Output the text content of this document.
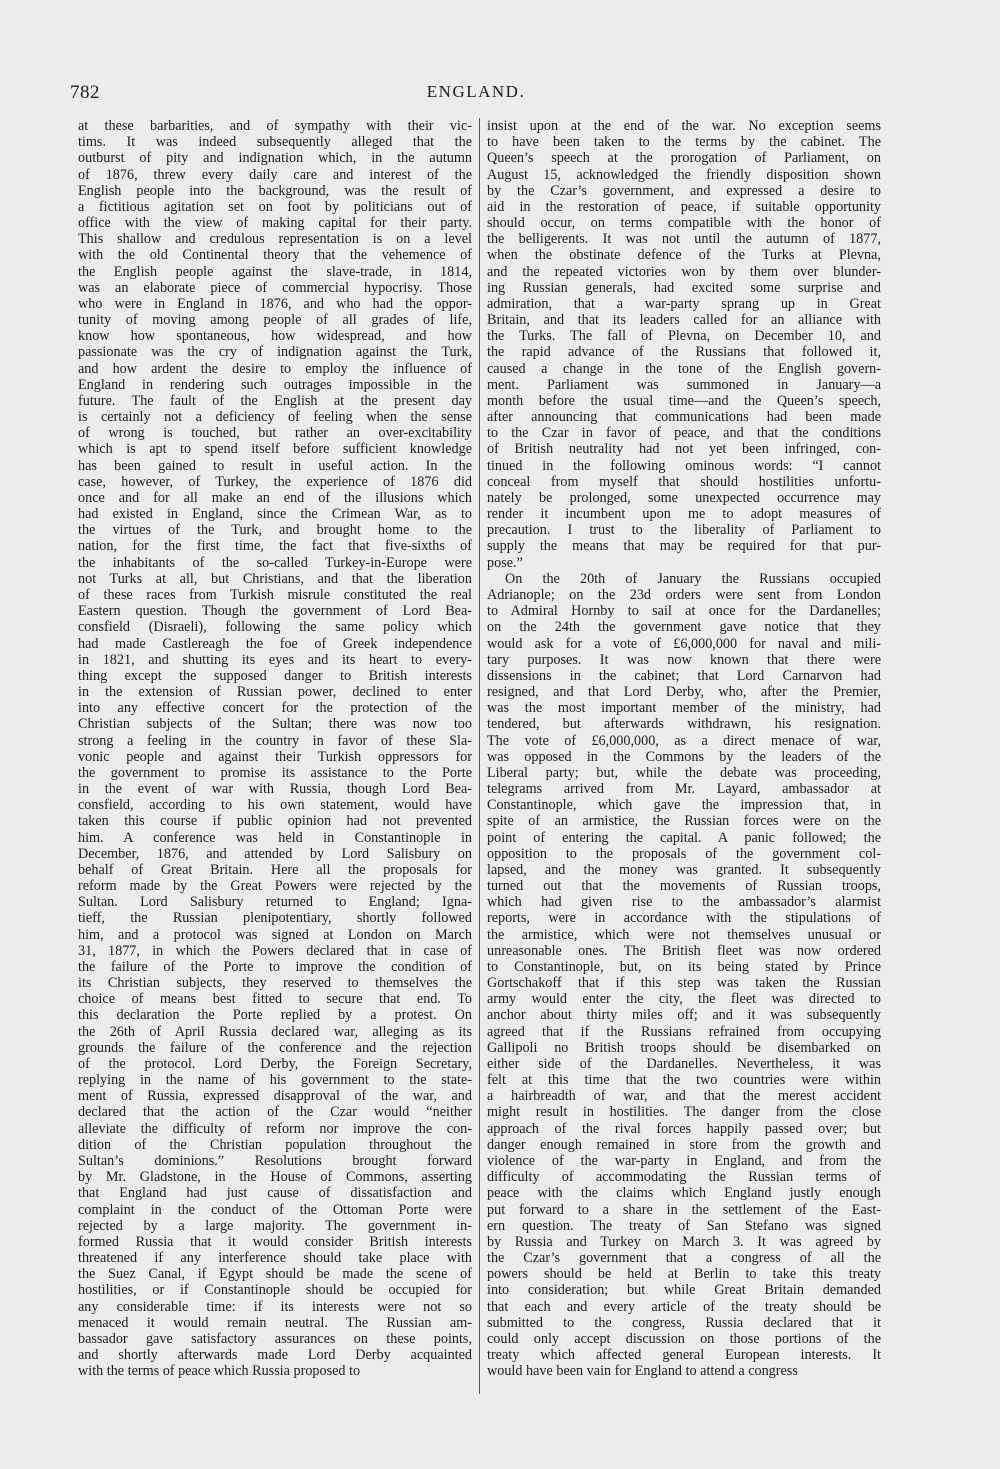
782	ENGLAND.
at these barbarities, and of sympathy with their vic-
tims. It was indeed subsequently alleged that the
outburst of pity and indignation which, in the autumn
of 1876, threw every daily care and interest of the
English people into the background, was the result of
a fictitious agitation set on foot by politicians out of
office with the view of making capital for their party.
This shallow and credulous representation is on a level
with the old Continental theory that the vehemence of
the English people against the slave-trade, in 1814,
was an elaborate piece of commercial hypocrisy. Those
who were in England in 1876, and who had the oppor-
tunity of moving among people of all grades of life,
know how spontaneous, how widespread, and how
passionate was the cry of indignation against the Turk,
and how ardent the desire to employ the influence of
England in rendering such outrages impossible in the
future. The fault of the English at the present day
is certainly not a deficiency of feeling when the sense
of wrong is touched, but rather an over-excitability
which is apt to spend itself before sufficient knowledge
has been gained to result in useful action. In the
case, however, of Turkey, the experience of 1876 did
once and for all make an end of the illusions which
had existed in England, since the Crimean War, as to
the virtues of the Turk, and brought home to the
nation, for the first time, the fact that five-sixths of
the inhabitants of the so-called Turkey-in-Europe were
not Turks at all, but Christians, and that the liberation
of these races from Turkish misrule constituted the real
Eastern question. Though the government of Lord Bea-
consfield (Disraeli), following the same policy which
had made Castlereagh the foe of Greek independence
in 1821, and shutting its eyes and its heart to every-
thing except the supposed danger to British interests
in the extension of Russian power, declined to enter
into any effective concert for the protection of the
Christian subjects of the Sultan; there was now too
strong a feeling in the country in favor of these Sla-
vonic people and against their Turkish oppressors for
the government to promise its assistance to the Porte
in the event of war with Russia, though Lord Bea-
consfield, according to his own statement, would have
taken this course if public opinion had not prevented
him. A conference was held in Constantinople in
December, 1876, and attended by Lord Salisbury on
behalf of Great Britain. Here all the proposals for
reform made by the Great Powers were rejected by the
Sultan. Lord Salisbury returned to England; Igna-
tieff, the Russian plenipotentiary, shortly followed
him, and a protocol was signed at London on March
31, 1877, in which the Powers declared that in case of
the failure of the Porte to improve the condition of
its Christian subjects, they reserved to themselves the
choice of means best fitted to secure that end. To
this declaration the Porte replied by a protest. On
the 26th of April Russia declared war, alleging as its
grounds the failure of the conference and the rejection
of the protocol. Lord Derby, the Foreign Secretary,
replying in the name of his government to the state-
ment of Russia, expressed disapproval of the war, and
declared that the action of the Czar would “neither
alleviate the difficulty of reform nor improve the con-
dition of the Christian population throughout the
Sultan’s dominions.” Resolutions brought forward
by Mr. Gladstone, in the House of Commons, asserting
that England had just cause of dissatisfaction and
complaint in the conduct of the Ottoman Porte were
rejected by a large majority. The government in-
formed Russia that it would consider British interests
threatened if any interference should take place with
the Suez Canal, if Egypt should be made the scene of
hostilities, or if Constantinople should be occupied for
any considerable time: if its interests were not so
menaced it would remain neutral. The Russian am-
bassador gave satisfactory assurances on these points,
and shortly afterwards made Lord Derby acquainted
with the terms of peace which Russia proposed to
insist upon at the end of the war. No exception seems
to have been taken to the terms by the cabinet. The
Queen’s speech at the prorogation of Parliament, on
August 15, acknowledged the friendly disposition shown
by the Czar’s government, and expressed a desire to
aid in the restoration of peace, if suitable opportunity
should occur, on terms compatible with the honor of
the belligerents. It was not until the autumn of 1877,
when the obstinate defence of the Turks at Plevna,
and the repeated victories won by them over blunder-
ing Russian generals, had excited some surprise and
admiration, that a war-party sprang up in Great
Britain, and that its leaders called for an alliance with
the Turks. The fall of Plevna, on December 10, and
the rapid advance of the Russians that followed it,
caused a change in the tone of the English govern-
ment. Parliament was summoned in January—a
month before the usual time—and the Queen’s speech,
after announcing that communications had been made
to the Czar in favor of peace, and that the conditions
of British neutrality had not yet been infringed, con-
tinued in the following ominous words: “I cannot
conceal from myself that should hostilities unfortu-
nately be prolonged, some unexpected occurrence may
render it incumbent upon me to adopt measures of
precaution. I trust to the liberality of Parliament to
supply the means that may be required for that pur-
pose.”
On the 20th of January the Russians occupied
Adrianople; on the 23d orders were sent from London
to Admiral Hornby to sail at once for the Dardanelles;
on the 24th the government gave notice that they
would ask for a vote of £6,000,000 for naval and mili-
tary purposes. It was now known that there were
dissensions in the cabinet; that Lord Carnarvon had
resigned, and that Lord Derby, who, after the Premier,
was the most important member of the ministry, had
tendered, but afterwards withdrawn, his resignation.
The vote of £6,000,000, as a direct menace of war,
was opposed in the Commons by the leaders of the
Liberal party; but, while the debate was proceeding,
telegrams arrived from Mr. Layard, ambassador at
Constantinople, which gave the impression that, in
spite of an armistice, the Russian forces were on the
point of entering the capital. A panic followed; the
opposition to the proposals of the government col-
lapsed, and the money was granted. It subsequently
turned out that the movements of Russian troops,
which had given rise to the ambassador’s alarmist
reports, were in accordance with the stipulations of
the armistice, which were not themselves unusual or
unreasonable ones. The British fleet was now ordered
to Constantinople, but, on its being stated by Prince
Gortschakoff that if this step was taken the Russian
army would enter the city, the fleet was directed to
anchor about thirty miles off; and it was subsequently
agreed that if the Russians refrained from occupying
Gallipoli no British troops should be disembarked on
either side of the Dardanelles. Nevertheless, it was
felt at this time that the two countries were within
a hairbreadth of war, and that the merest accident
might result in hostilities. The danger from the close
approach of the rival forces happily passed over; but
danger enough remained in store from the growth and
violence of the war-party in England, and from the
difficulty of accommodating the Russian terms of
peace with the claims which England justly enough
put forward to a share in the settlement of the East-
ern question. The treaty of San Stefano was signed
by Russia and Turkey on March 3. It was agreed by
the Czar’s government that a congress of all the
powers should be held at Berlin to take this treaty
into consideration; but while Great Britain demanded
that each and every article of the treaty should be
submitted to the congress, Russia declared that it
could only accept discussion on those portions of the
treaty which affected general European interests. It
would have been vain for England to attend a congress
